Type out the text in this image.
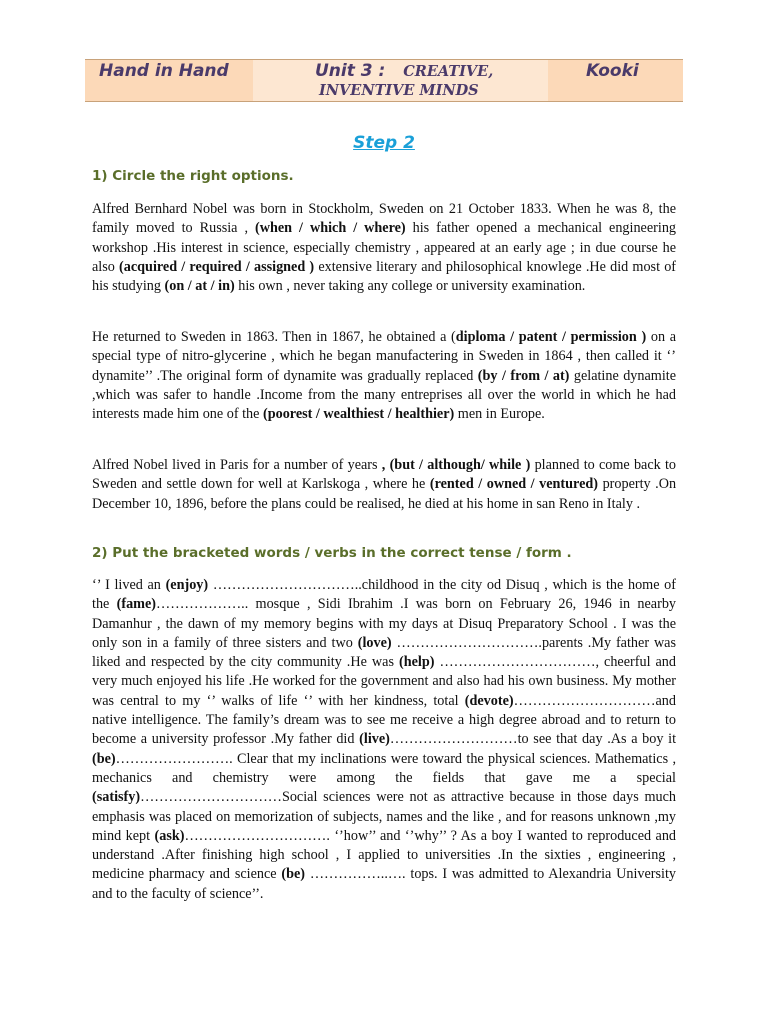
Hand in Hand	Unit 3 : CREATIVE,
INVENTIVE MINDS
Kooki
Step 2
1) Circle the right options.
Alfred Bernhard Nobel was born in Stockholm, Sweden on 21 October 1833. When he was 8, the family moved to Russia , (when / which / where) his father opened a mechanical engineering workshop .His interest in science, especially chemistry , appeared at an early age ; in due course he also (acquired / required / assigned ) extensive literary and philosophical knowlege .He did most of his studying (on / at / in) his own , never taking any college or university examination.
He returned to Sweden in 1863. Then in 1867, he obtained a (diploma / patent / permission ) on a special type of nitro-glycerine , which he began manufactering in Sweden in 1864 , then called it ‘’ dynamite’’ .The original form of dynamite was gradually replaced (by / from / at) gelatine dynamite ,which was safer to handle .Income from the many entreprises all over the world in which he had interests made him one of the (poorest / wealthiest / healthier) men in Europe.
Alfred Nobel lived in Paris for a number of years , (but / although/ while ) planned to come back to Sweden and settle down for well at Karlskoga , where he (rented / owned / ventured) property .On December 10, 1896, before the plans could be realised, he died at his home in san Reno in Italy .
2) Put the bracketed words / verbs in the correct tense / form .
‘’ I lived an (enjoy) …………………………..childhood in the city od Disuq , which is the home of the (fame)……………….. mosque , Sidi Ibrahim .I was born on February 26, 1946 in nearby Damanhur , the dawn of my memory begins with my days at Disuq Preparatory School . I was the only son in a family of three sisters and two (love) ………………………….parents .My father was liked and respected by the city community .He was (help) ……………………………, cheerful and very much enjoyed his life .He worked for the government and also had his own business. My mother was central to my ‘’ walks of life ‘’ with her kindness, total (devote)…………………………and native intelligence. The family’s dream was to see me receive a high degree abroad and to return to become a university professor .My father did (live)………………………to see that day .As a boy it (be)……………………. Clear that my inclinations were toward the physical sciences. Mathematics , mechanics and chemistry were among the fields that gave me a special (satisfy)…………………………Social sciences were not as attractive because in those days much emphasis was placed on memorization of subjects, names and the like , and for reasons unknown ,my mind kept (ask)…………………………. ‘’how’’ and ‘’why’’ ? As a boy I wanted to reproduced and understand .After finishing high school , I applied to universities .In the sixties , engineering , medicine pharmacy and science (be) ……………..…. tops. I was admitted to Alexandria University and to the faculty of science’’.
